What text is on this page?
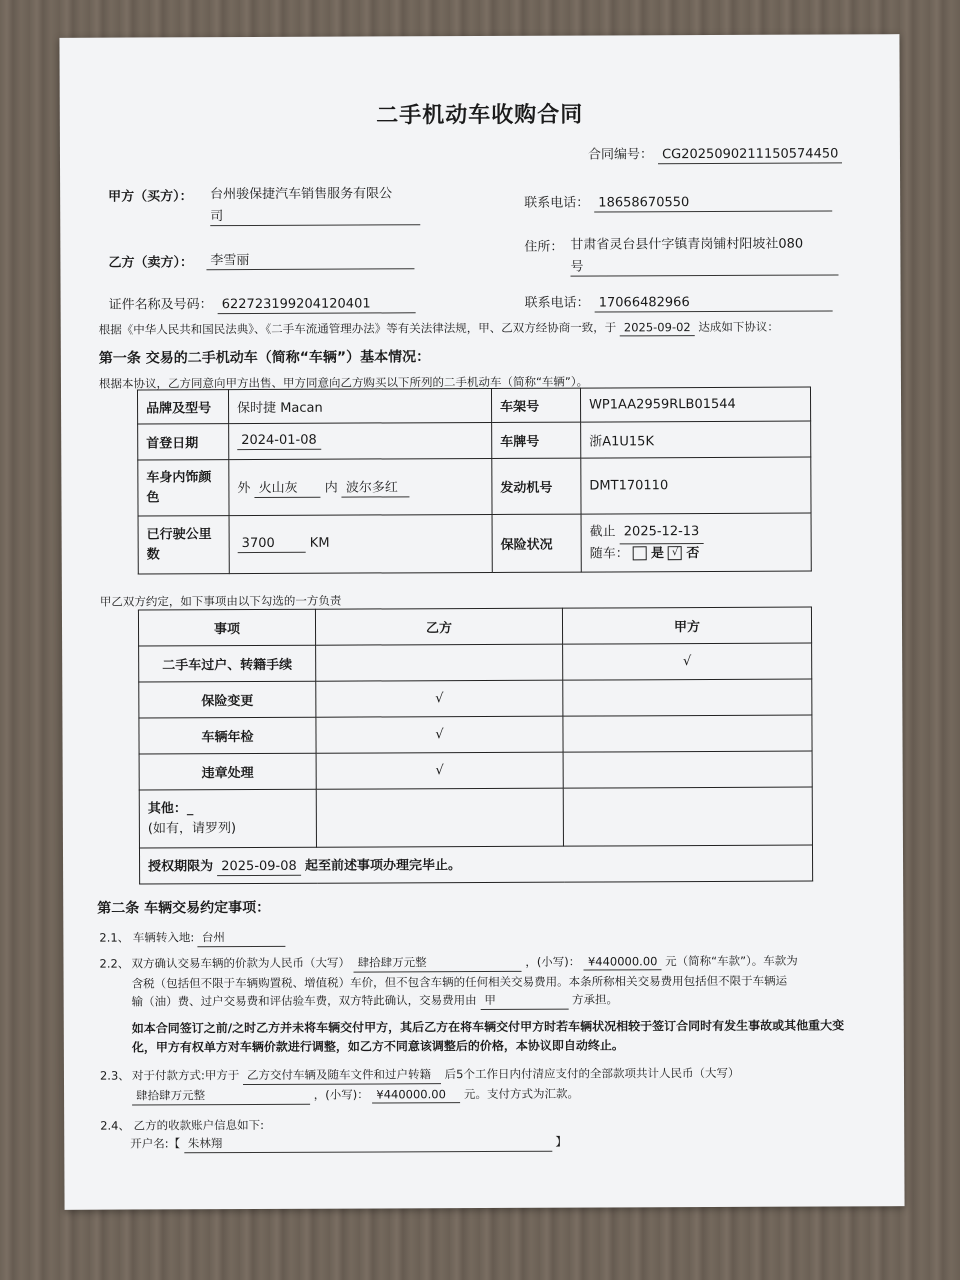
二手机动车收购合同
合同编号： CG2025090211150574450
甲方（买方）： 台州骏保捷汽车销售服务有限公
司
联系电话： 18658670550
乙方（卖方）：	李雪丽
住所： 甘肃省灵台县什字镇青岗铺村阳坡社080
号
证件名称及号码： 622723199204120401	联系电话： 17066482966
根据《中华人民共和国民法典》、《二手车流通管理办法》等有关法律法规，甲、乙双方经协商一致，于 2025-09-02 达成如下协议：
第一条 交易的二手机动车（简称“车辆”）基本情况：
根据本协议，乙方同意向甲方出售、甲方同意向乙方购买以下所列的二手机动车（简称“车辆”）。
品牌及型号	保时捷 Macan	车架号	WP1AA2959RLB01544
首登日期	2024-01-08	车牌号	浙A1U15K
车身内饰颜色	外 火山灰 内 波尔多红	发动机号	DMT170110
已行驶公里数	3700 KM	保险状况	截止 2025-12-13
随车： 是 √ 否
甲乙双方约定，如下事项由以下勾选的一方负责
事项	乙方	甲方
二手车过户、转籍手续		√
保险变更	√	
车辆年检	√	
违章处理	√	

其他：_
(如有，请罗列)		

授权期限为 2025-09-08 起至前述事项办理完毕止。		
第二条 车辆交易约定事项：
2.1、 车辆转入地: 台州
2.2、 双方确认交易车辆的价款为人民币（大写） 肆拾肆万元整	，(小写)： ¥440000.00 元（简称“车款”）。车款为
含税（包括但不限于车辆购置税、增值税）车价，但不包含车辆的任何相关交易费用。本条所称相关交易费用包括但不限于车辆运
输（油）费、过户交易费和评估验车费，双方特此确认，交易费用由 甲	方承担。
如本合同签订之前/之时乙方并未将车辆交付甲方，其后乙方在将车辆交付甲方时若车辆状况相较于签订合同时有发生事故或其他重大变化，甲方有权单方对车辆价款进行调整，如乙方不同意该调整后的价格，本协议即自动终止。
2.3、 对于付款方式:甲方于 乙方交付车辆及随车文件和过户转籍 后5个工作日内付清应支付的全部款项共计人民币（大写）
肆拾肆万元整	，(小写)： ¥440000.00 元。支付方式为汇款。
2.4、 乙方的收款账户信息如下:
开户名:【 朱林翔	】
